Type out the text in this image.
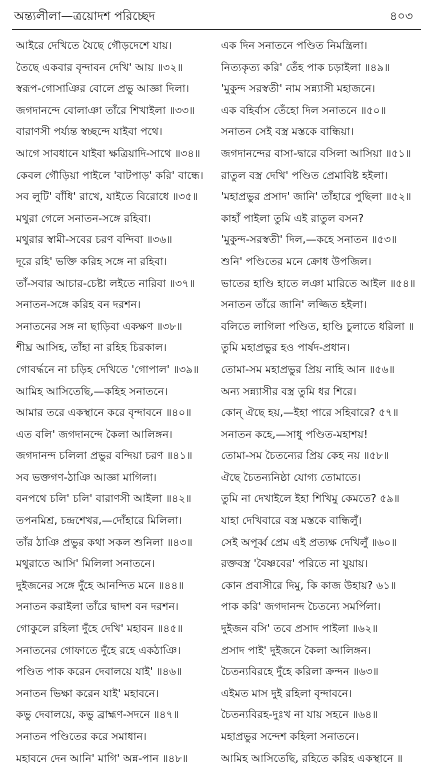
অন্ত্যলীলা—ত্রয়োদশ পরিচ্ছেদ	৪০৩
আইরে দেখিতে যৈছে গৌড়দেশে যায়।
তৈছে একবার বৃন্দাবন দেখি' আয় ॥৩২॥
স্বরূপ-গোসাঞির বোলে প্রভু আজ্ঞা দিলা।
জগদানন্দে বোলাঞা তাঁরে শিখাইলা ॥৩৩॥
বারাণসী পর্য্যন্ত স্বচ্ছন্দে যাইবা পথে।
আগে সাবধানে যাইবা ক্ষত্রিয়াদি-সাথে ॥৩৪॥
কেবল গৌড়িয়া পাইলে 'বাটপাড়' করি' বান্ধে।
সব লুটি' বাঁধি' রাখে, যাইতে বিরোধে ॥৩৫॥
মথুরা গেলে সনাতন-সঙ্গে রহিবা।
মথুরার স্বামী-সবের চরণ বন্দিবা ॥৩৬॥
দূরে রহি' ভক্তি করিহ সঙ্গে না রহিবা।
তাঁ-সবার আচার-চেষ্টা লইতে নারিবা ॥৩৭॥
সনাতন-সঙ্গে করিহ বন দরশন।
সনাতনের সঙ্গ না ছাড়িবা একক্ষণ ॥৩৮॥
শীঘ্র আসিহ, তাঁহা না রহিহ চিরকাল।
গোবর্দ্ধনে না চড়িহ দেখিতে 'গোপাল' ॥৩৯॥
আমিহ আসিতেছি,—কহিহ সনাতনে।
আমার তরে একস্থানে করে বৃন্দাবনে ॥৪০॥
এত বলি' জগদানন্দে কৈলা আলিঙ্গন।
জগদানন্দ চলিলা প্রভুর বন্দিয়া চরণ ॥৪১॥
সব ভক্তগণ-ঠাঞি আজ্ঞা মাগিলা।
বনপথে চলি' চলি' বারাণসী আইলা ॥৪২॥
তপনমিশ্র, চন্দ্রশেখর,—দোঁহারে মিলিলা।
তাঁর ঠাঞি প্রভুর কথা সকল শুনিলা ॥৪৩॥
মথুরাতে আসি' মিলিলা সনাতনে।
দুইজনের সঙ্গে দুঁহে আনন্দিত মনে ॥৪৪॥
সনাতন করাইলা তাঁরে দ্বাদশ বন দরশন।
গোকুলে রহিলা দুঁহে দেখি' মহাবন ॥৪৫॥
সনাতনের গোফাতে দুঁহে রহে একঠাঞি।
পণ্ডিত পাক করেন দেবালয়ে যাই' ॥৪৬॥
সনাতন ভিক্ষা করেন যাই' মহাবনে।
কভু দেবালয়ে, কভু ব্রাহ্মণ-সদনে ॥৪৭॥
সনাতন পণ্ডিতের করে সমাধান।
মহাবনে দেন আনি' মাগি' অন্ন-পান ॥৪৮॥
এক দিন সনাতনে পণ্ডিত নিমন্ত্রিলা।
নিত্যকৃত্য করি' তেঁহ পাক চড়াইলা ॥৪৯॥
'মুকুন্দ সরস্বতী' নাম সন্ন্যাসী মহাজনে।
এক বহির্বাস তেঁহো দিল সনাতনে ॥৫০॥
সনাতন সেই বস্ত্র মস্তকে বান্ধিয়া।
জগদানন্দের বাসা-দ্বারে বসিলা আসিয়া ॥৫১॥
রাতুল বস্ত্র দেখি' পণ্ডিত প্রেমাবিষ্ট হইলা।
'মহাপ্রভুর প্রসাদ' জানি' তাঁহারে পুছিলা ॥৫২॥
কাহাঁ পাইলা তুমি এই রাতুল বসন?
'মুকুন্দ-সরস্বতী' দিল,—কহে সনাতন ॥৫৩॥
শুনি' পণ্ডিতের মনে ক্রোধ উপজিল।
ভাতের হাণ্ডি হাতে লঞা মারিতে আইল ॥৫৪॥
সনাতন তাঁরে জানি' লজ্জিত হইলা।
বলিতে লাগিলা পণ্ডিত, হাণ্ডি চুলাতে ধরিলা ॥
তুমি মহাপ্রভুর হও পার্ষদ-প্রধান।
তোমা-সম মহাপ্রভুর প্রিয় নাহি আন ॥৫৬॥
অন্য সন্ন্যাসীর বস্ত্র তুমি ধর শিরে।
কোন্ ঐছে হয়,—ইহা পারে সহিবারে? ৫৭॥
সনাতন কহে,—সাধু পণ্ডিত-মহাশয়!
তোমা-সম চৈতন্যের প্রিয় কেহ নয় ॥৫৮॥
ঐছে চৈতন্যনিষ্ঠা যোগ্য তোমাতে।
তুমি না দেখাইলে ইহা শিখিমু কেমতে? ৫৯॥
যাহা দেখিবারে বস্ত্র মস্তকে বান্ধিলুঁ।
সেই অপূর্ব্ব প্রেম এই প্রত্যক্ষ দেখিলুঁ ॥৬০॥
রক্তবস্ত্র 'বৈষ্ণবের' পরিতে না যুয়ায়।
কোন প্রবাসীরে দিমু, কি কাজ উহায়? ৬১॥
পাক করি' জগদানন্দ চৈতন্যে সমর্পিলা।
দুইজন বসি' তবে প্রসাদ পাইলা ॥৬২॥
প্রসাদ পাই' দুইজনে কৈলা আলিঙ্গন।
চৈতন্যবিরহে দুঁহে করিলা ক্রন্দন ॥৬৩॥
এইমত মাস দুই রহিলা বৃন্দাবনে।
চৈতন্যবিরহ-দুঃখ না যায় সহনে ॥৬৪॥
মহাপ্রভুর সন্দেশ কহিলা সনাতনে।
আমিহ আসিতেছি, রহিতে করিহ একস্থানে ॥
